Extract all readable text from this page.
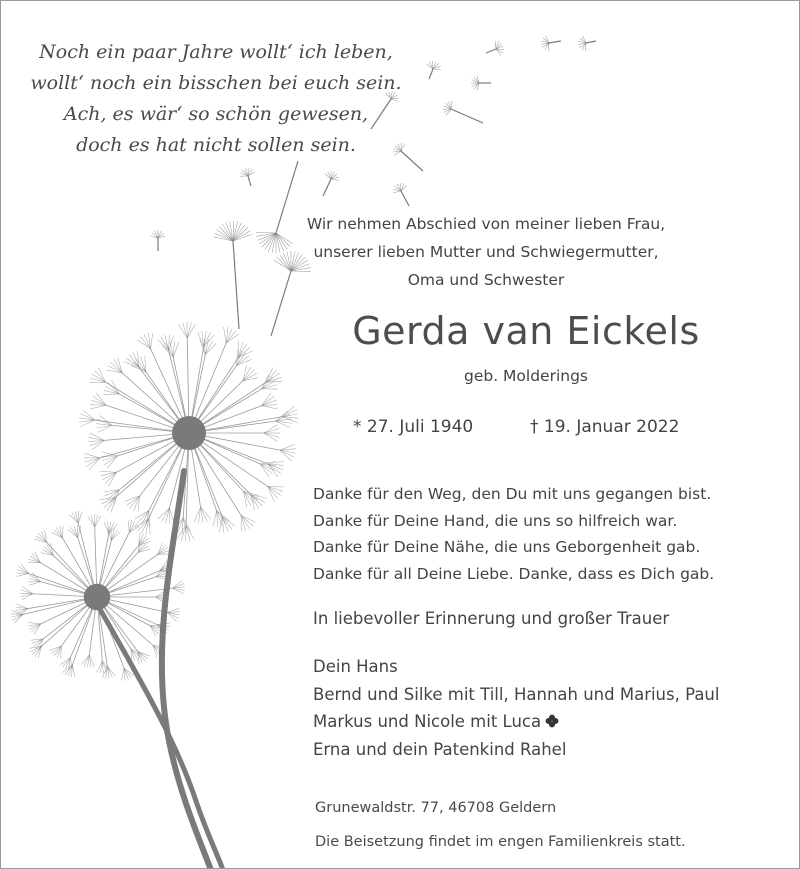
Noch ein paar Jahre wollt‘ ich leben,
wollt‘ noch ein bisschen bei euch sein.
Ach, es wär‘ so schön gewesen,
doch es hat nicht sollen sein.
Wir nehmen Abschied von meiner lieben Frau,
unserer lieben Mutter und Schwiegermutter,
Oma und Schwester
Gerda van Eickels
geb. Molderings
* 27. Juli 1940	† 19. Januar 2022
Danke für den Weg, den Du mit uns gegangen bist.
Danke für Deine Hand, die uns so hilfreich war.
Danke für Deine Nähe, die uns Geborgenheit gab.
Danke für all Deine Liebe. Danke, dass es Dich gab.
In liebevoller Erinnerung und großer Trauer
Dein Hans
Bernd und Silke mit Till, Hannah und Marius, Paul
Markus und Nicole mit Luca
Erna und dein Patenkind Rahel
Grunewaldstr. 77, 46708 Geldern
Die Beisetzung findet im engen Familienkreis statt.
